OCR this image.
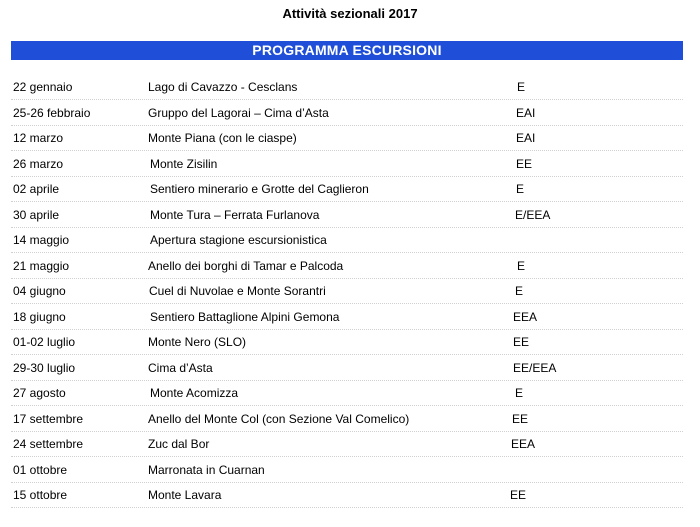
Attività sezionali 2017
PROGRAMMA ESCURSIONI
22 gennaio	Lago di Cavazzo - Cesclans	E
25-26 febbraio	Gruppo del Lagorai – Cima d’Asta	EAI
12 marzo	Monte Piana (con le ciaspe)	EAI
26 marzo	Monte Zisilin	EE
02 aprile	Sentiero minerario e Grotte del Caglieron	E
30 aprile	Monte Tura – Ferrata Furlanova	E/EEA
14 maggio	Apertura stagione escursionistica
21 maggio	Anello dei borghi di Tamar e Palcoda	E
04 giugno	Cuel di Nuvolae e Monte Sorantri	E
18 giugno	Sentiero Battaglione Alpini Gemona	EEA
01-02 luglio	Monte Nero (SLO)	EE
29-30 luglio	Cima d’Asta	EE/EEA
27 agosto	Monte Acomizza	E
17 settembre	Anello del Monte Col (con Sezione Val Comelico)	EE
24 settembre	Zuc dal Bor	EEA
01 ottobre	Marronata in Cuarnan
15 ottobre	Monte Lavara	EE
